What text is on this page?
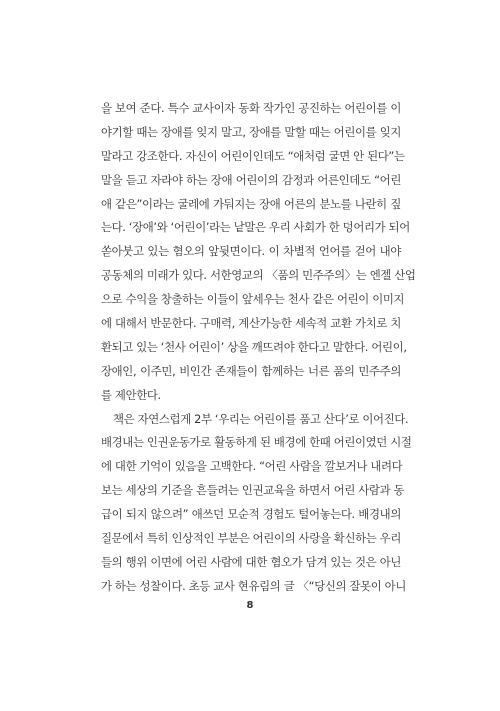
을 보여 준다. 특수 교사이자 동화 작가인 공진하는 어린이를 이
야기할 때는 장애를 잊지 말고, 장애를 말할 때는 어린이를 잊지
말라고 강조한다. 자신이 어린이인데도 “애처럼 굴면 안 된다”는
말을 듣고 자라야 하는 장애 어린이의 감정과 어른인데도 “어린
애 같은”이라는 굴레에 가둬지는 장애 어른의 분노를 나란히 짚
는다. ‘장애’와 ‘어린이’라는 낱말은 우리 사회가 한 덩어리가 되어
쏟아붓고 있는 혐오의 앞뒷면이다. 이 차별적 언어를 걷어 내야
공동체의 미래가 있다. 서한영교의 〈품의 민주주의〉는 엔젤 산업
으로 수익을 창출하는 이들이 앞세우는 천사 같은 어린이 이미지
에 대해서 반문한다. 구매력, 계산가능한 세속적 교환 가치로 치
환되고 있는 ‘천사 어린이’ 상을 깨뜨려야 한다고 말한다. 어린이,
장애인, 이주민, 비인간 존재들이 함께하는 너른 품의 민주주의
를 제안한다.
책은 자연스럽게 2부 ‘우리는 어린이를 품고 산다’로 이어진다.
배경내는 인권운동가로 활동하게 된 배경에 한때 어린이였던 시절
에 대한 기억이 있음을 고백한다. “어린 사람을 깔보거나 내려다
보는 세상의 기준을 흔들려는 인권교육을 하면서 어린 사람과 동
급이 되지 않으려” 애쓰던 모순적 경험도 털어놓는다. 배경내의
질문에서 특히 인상적인 부분은 어린이의 사랑을 확신하는 우리
들의 행위 이면에 어린 사람에 대한 혐오가 담겨 있는 것은 아닌
가 하는 성찰이다. 초등 교사 현유림의 글 〈“당신의 잘못이 아니
8
